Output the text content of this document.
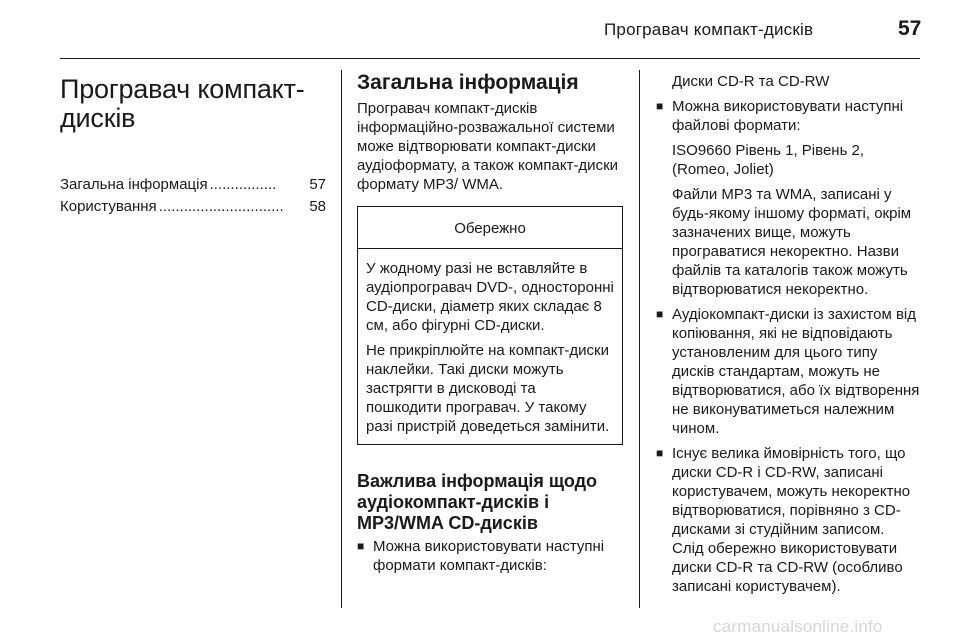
Програвач компакт-дисків	57
Програвач компакт-дисків
Загальна інформація ................	57
Користування ..............................	58
Загальна інформація

Програвач компакт-дисків інформаційно-розважальної системи може відтворювати компакт-диски аудіоформату, а також компакт-диски формату MP3/ WMA.

Обережно

У жодному разі не вставляйте в аудіопрогравач DVD-, односторонні CD-диски, діаметр яких складає 8 см, або фігурні CD-диски.

Не прикріплюйте на компакт-диски наклейки. Такі диски можуть застрягти в дисководі та пошкодити програвач. У такому разі пристрій доведеться замінити.

Важлива інформація щодо аудіокомпакт-дисків і MP3/WMA CD-дисків
■ Можна використовувати наступні формати компакт-дисків:

Диски CD-R та CD-RW

■ Можна використовувати наступні файлові формати:

ISO9660 Рівень 1, Рівень 2, (Romeo, Joliet)

Файли MP3 та WMA, записані у будь-якому іншому форматі, окрім зазначених вище, можуть програватися некоректно. Назви файлів та каталогів також можуть відтворюватися некоректно.

■ Аудіокомпакт-диски із захистом від копіювання, які не відповідають установленим для цього типу дисків стандартам, можуть не відтворюватися, або їх відтворення не виконуватиметься належним чином.
■ Існує велика ймовірність того, що диски CD-R і CD-RW, записані користувачем, можуть некоректно відтворюватися, порівняно з CD-дисками зі студійним записом. Слід обережно використовувати диски CD-R та CD-RW (особливо записані користувачем).
carmanualsonline.info
